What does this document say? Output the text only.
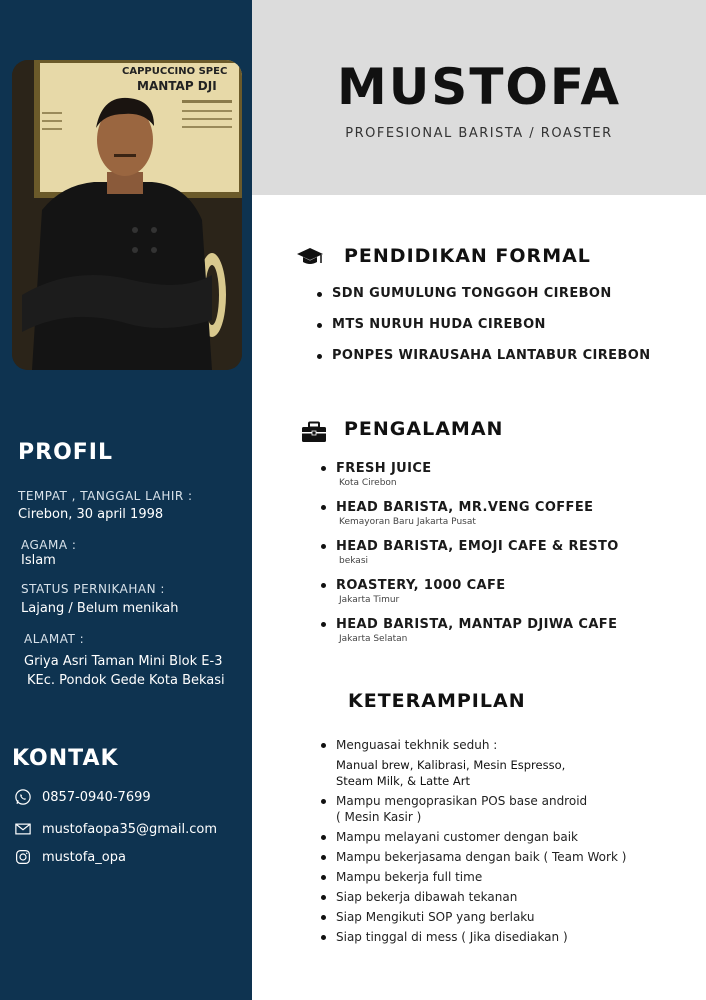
CAPPUCCINO SPEC
MANTAP DJI	MUSTOFA
PROFESIONAL BARISTA / ROASTER
PROFIL
TEMPAT , TANGGAL LAHIR :
Cirebon, 30 april 1998
AGAMA :
Islam
STATUS PERNIKAHAN :
Lajang / Belum menikah
ALAMAT :
Griya Asri Taman Mini Blok E-3
KEc. Pondok Gede Kota Bekasi
KONTAK
0857-0940-7699
mustofaopa35@gmail.com
mustofa_opa
PENDIDIKAN FORMAL
SDN GUMULUNG TONGGOH CIREBON
MTS NURUH HUDA CIREBON
PONPES WIRAUSAHA LANTABUR CIREBON
PENGALAMAN
FRESH JUICE
Kota Cirebon
HEAD BARISTA, MR.VENG COFFEE
Kemayoran Baru Jakarta Pusat
HEAD BARISTA, EMOJI CAFE & RESTO
bekasi
ROASTERY, 1000 CAFE
Jakarta Timur
HEAD BARISTA, MANTAP DJIWA CAFE
Jakarta Selatan
KETERAMPILAN
Menguasai tekhnik seduh :
Manual brew, Kalibrasi, Mesin Espresso,
Steam Milk, & Latte Art
Mampu mengoprasikan POS base android
( Mesin Kasir )
Mampu melayani customer dengan baik
Mampu bekerjasama dengan baik ( Team Work )
Mampu bekerja full time
Siap bekerja dibawah tekanan
Siap Mengikuti SOP yang berlaku
Siap tinggal di mess ( Jika disediakan )
